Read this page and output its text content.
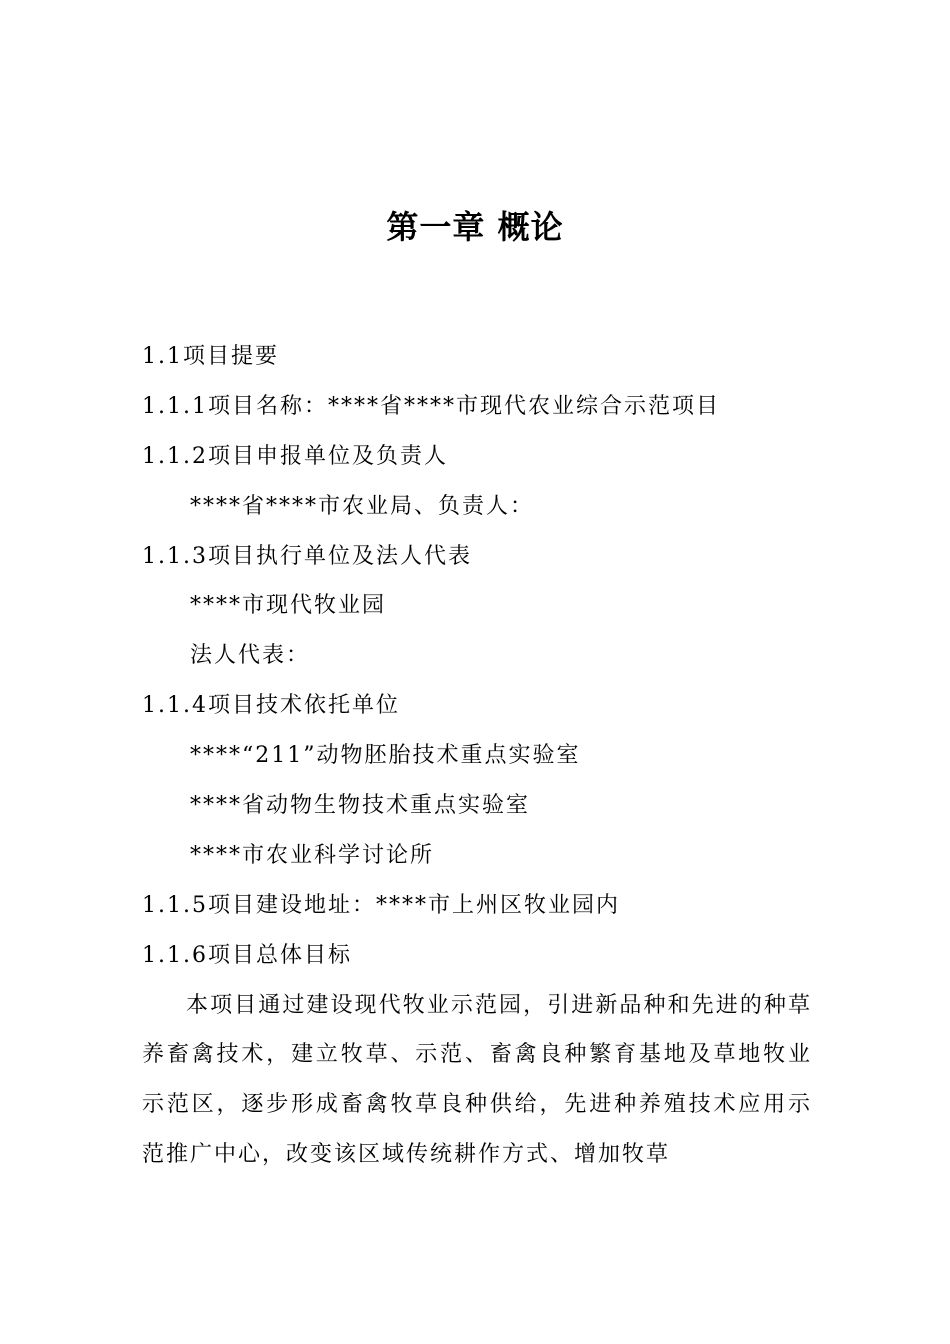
第一章 概论

1.1项目提要

1.1.1项目名称：****省****市现代农业综合示范项目

1.1.2项目申报单位及负责人

****省****市农业局、负责人：

1.1.3项目执行单位及法人代表

****市现代牧业园

法人代表：

1.1.4项目技术依托单位

****“211”动物胚胎技术重点实验室

****省动物生物技术重点实验室

****市农业科学讨论所

1.1.5项目建设地址：****市上州区牧业园内

1.1.6项目总体目标

本项目通过建设现代牧业示范园，引进新品种和先进的种草养畜禽技术，建立牧草、示范、畜禽良种繁育基地及草地牧业示范区，逐步形成畜禽牧草良种供给，先进种养殖技术应用示范推广中心，改变该区域传统耕作方式、增加牧草
